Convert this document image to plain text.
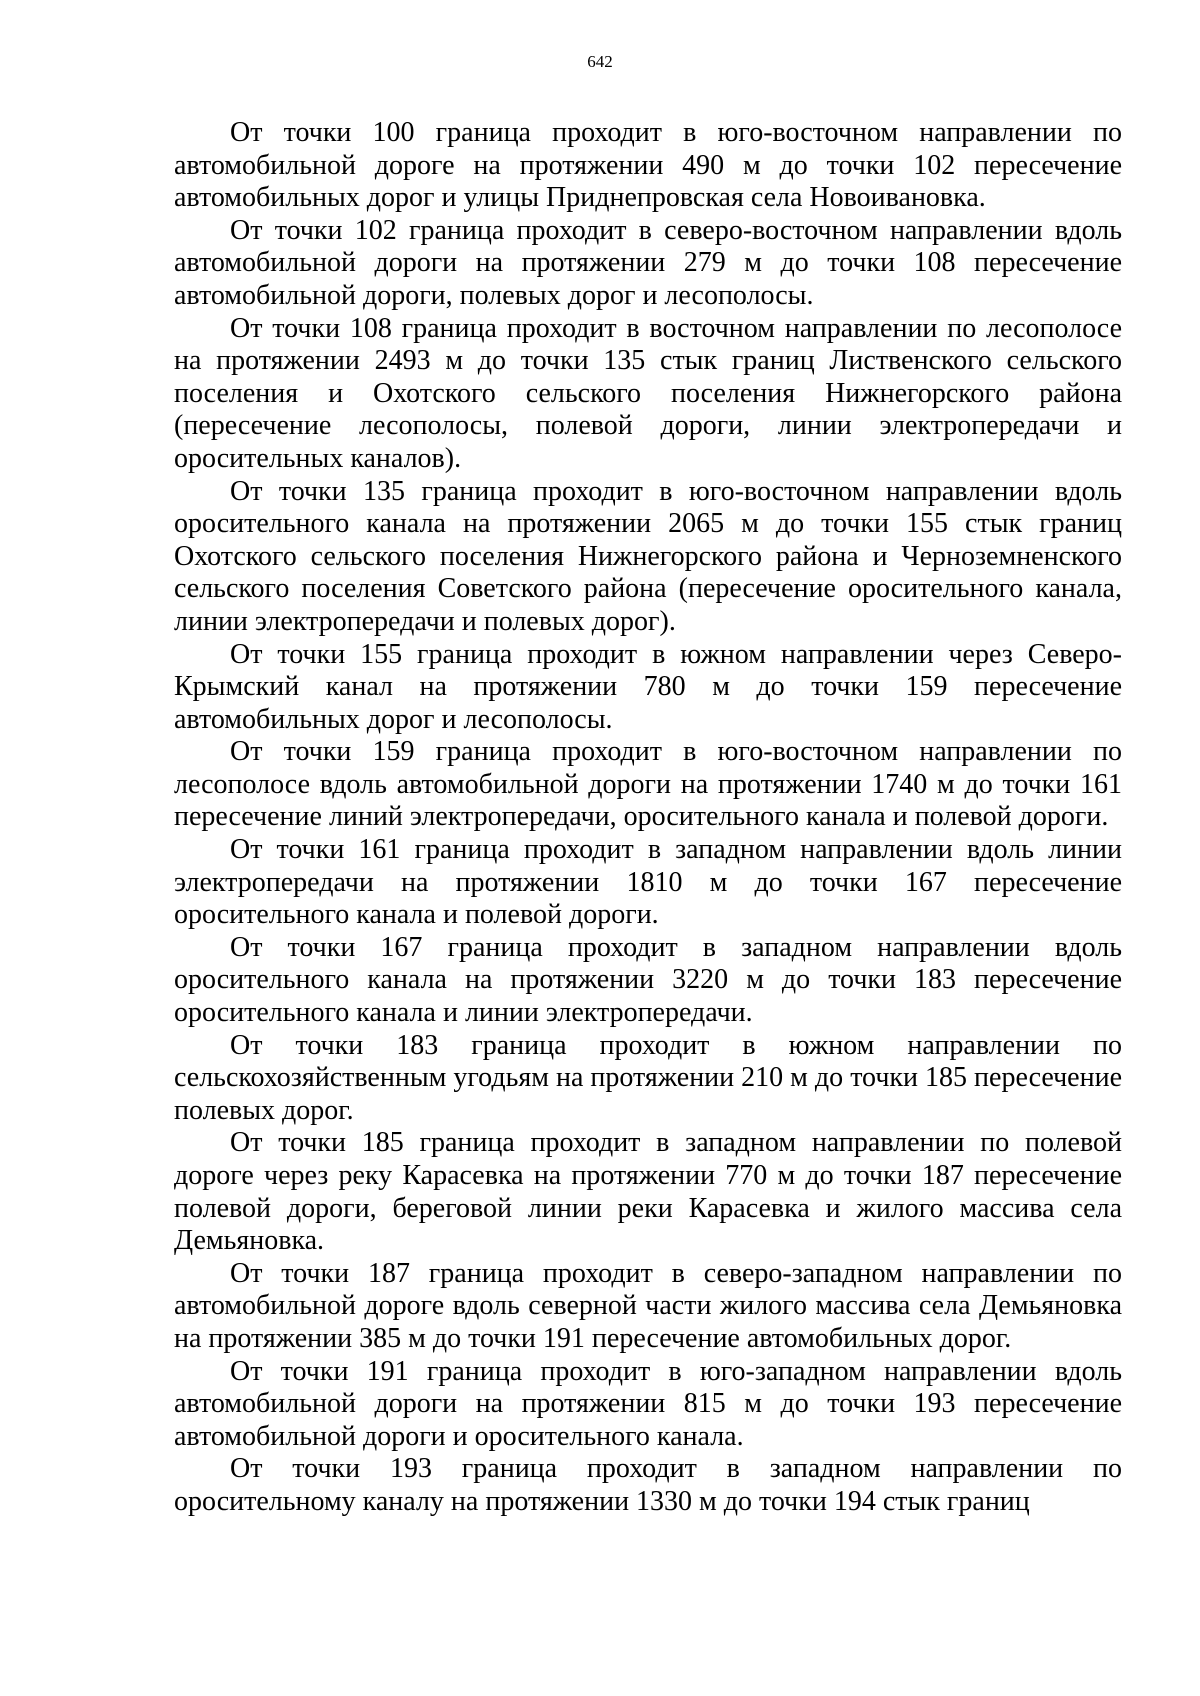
642

От точки 100 граница проходит в юго-восточном направлении по автомобильной дороге на протяжении 490 м до точки 102 пересечение автомобильных дорог и улицы Приднепровская села Новоивановка.

От точки 102 граница проходит в северо-восточном направлении вдоль автомобильной дороги на протяжении 279 м до точки 108 пересечение автомобильной дороги, полевых дорог и лесополосы.

От точки 108 граница проходит в восточном направлении по лесополосе на протяжении 2493 м до точки 135 стык границ Лиственского сельского поселения и Охотского сельского поселения Нижнегорского района (пересечение лесополосы, полевой дороги, линии электропередачи и оросительных каналов).

От точки 135 граница проходит в юго-восточном направлении вдоль оросительного канала на протяжении 2065 м до точки 155 стык границ Охотского сельского поселения Нижнегорского района и Черноземненского сельского поселения Советского района (пересечение оросительного канала, линии электропередачи и полевых дорог).

От точки 155 граница проходит в южном направлении через Северо-Крымский канал на протяжении 780 м до точки 159 пересечение автомобильных дорог и лесополосы.

От точки 159 граница проходит в юго-восточном направлении по лесополосе вдоль автомобильной дороги на протяжении 1740 м до точки 161 пересечение линий электропередачи, оросительного канала и полевой дороги.

От точки 161 граница проходит в западном направлении вдоль линии электропередачи на протяжении 1810 м до точки 167 пересечение оросительного канала и полевой дороги.

От точки 167 граница проходит в западном направлении вдоль оросительного канала на протяжении 3220 м до точки 183 пересечение оросительного канала и линии электропередачи.

От точки 183 граница проходит в южном направлении по сельскохозяйственным угодьям на протяжении 210 м до точки 185 пересечение полевых дорог.

От точки 185 граница проходит в западном направлении по полевой дороге через реку Карасевка на протяжении 770 м до точки 187 пересечение полевой дороги, береговой линии реки Карасевка и жилого массива села Демьяновка.

От точки 187 граница проходит в северо-западном направлении по автомобильной дороге вдоль северной части жилого массива села Демьяновка на протяжении 385 м до точки 191 пересечение автомобильных дорог.

От точки 191 граница проходит в юго-западном направлении вдоль автомобильной дороги на протяжении 815 м до точки 193 пересечение автомобильной дороги и оросительного канала.

От точки 193 граница проходит в западном направлении по оросительному каналу на протяжении 1330 м до точки 194 стык границ
